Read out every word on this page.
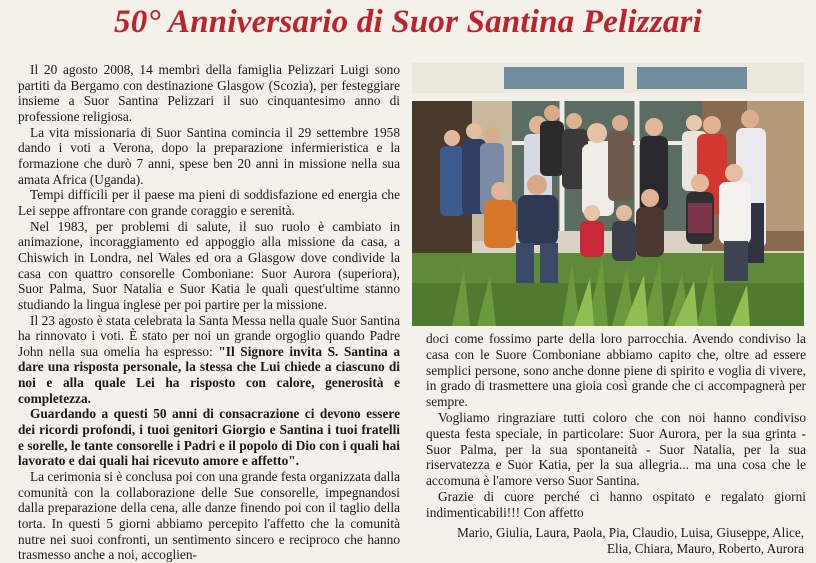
50° Anniversario di Suor Santina Pelizzari

Il 20 agosto 2008, 14 membri della famiglia Pelizzari Luigi sono partiti da Bergamo con destinazione Glasgow (Scozia), per festeggiare insieme a Suor Santina Pelizzari il suo cinquantesimo anno di professione religiosa.

La vita missionaria di Suor Santina comincia il 29 settembre 1958 dando i voti a Verona, dopo la preparazione infermieristica e la formazione che durò 7 anni, spese ben 20 anni in missione nella sua amata Africa (Uganda).

Tempi difficili per il paese ma pieni di soddisfazione ed energia che Lei seppe affrontare con grande coraggio e serenità.

Nel 1983, per problemi di salute, il suo ruolo è cambiato in animazione, incoraggiamento ed appoggio alla missione da casa, a Chiswich in Londra, nel Wales ed ora a Glasgow dove condivide la casa con quattro consorelle Comboniane: Suor Aurora (superiora), Suor Palma, Suor Natalia e Suor Katia le quali quest'ultime stanno studiando la lingua inglese per poi partire per la missione.

Il 23 agosto è stata celebrata la Santa Messa nella quale Suor Santina ha rinnovato i voti. È stato per noi un grande orgoglio quando Padre John nella sua omelia ha espresso: "Il Signore invita S. Santina a dare una risposta personale, la stessa che Lui chiede a ciascuno di noi e alla quale Lei ha risposto con calore, generosità e completezza.

Guardando a questi 50 anni di consacrazione ci devono essere dei ricordi profondi, i tuoi genitori Giorgio e Santina i tuoi fratelli e sorelle, le tante consorelle i Padri e il popolo di Dio con i quali hai lavorato e dai quali hai ricevuto amore e affetto".

La cerimonia si è conclusa poi con una grande festa organizzata dalla comunità con la collaborazione delle Sue consorelle, impegnandosi dalla preparazione della cena, alle danze finendo poi con il taglio della torta. In questi 5 giorni abbiamo percepito l'affetto che la comunità nutre nei suoi confronti, un sentimento sincero e reciproco che hanno trasmesso anche a noi, accoglien-

doci come fossimo parte della loro parrocchia. Avendo condiviso la casa con le Suore Comboniane abbiamo capito che, oltre ad essere semplici persone, sono anche donne piene di spirito e voglia di vivere, in grado di trasmettere una gioia così grande che ci accompagnerà per sempre.

Vogliamo ringraziare tutti coloro che con noi hanno condiviso questa festa speciale, in particolare: Suor Aurora, per la sua grinta - Suor Palma, per la sua spontaneità - Suor Natalia, per la sua riservatezza e Suor Katia, per la sua allegria... ma una cosa che le accomuna è l'amore verso Suor Santina.

Grazie di cuore perché ci hanno ospitato e regalato giorni indimenticabili!!! Con affetto

Mario, Giulia, Laura, Paola, Pia, Claudio, Luisa, Giuseppe, Alice,
Elia, Chiara, Mauro, Roberto, Aurora
